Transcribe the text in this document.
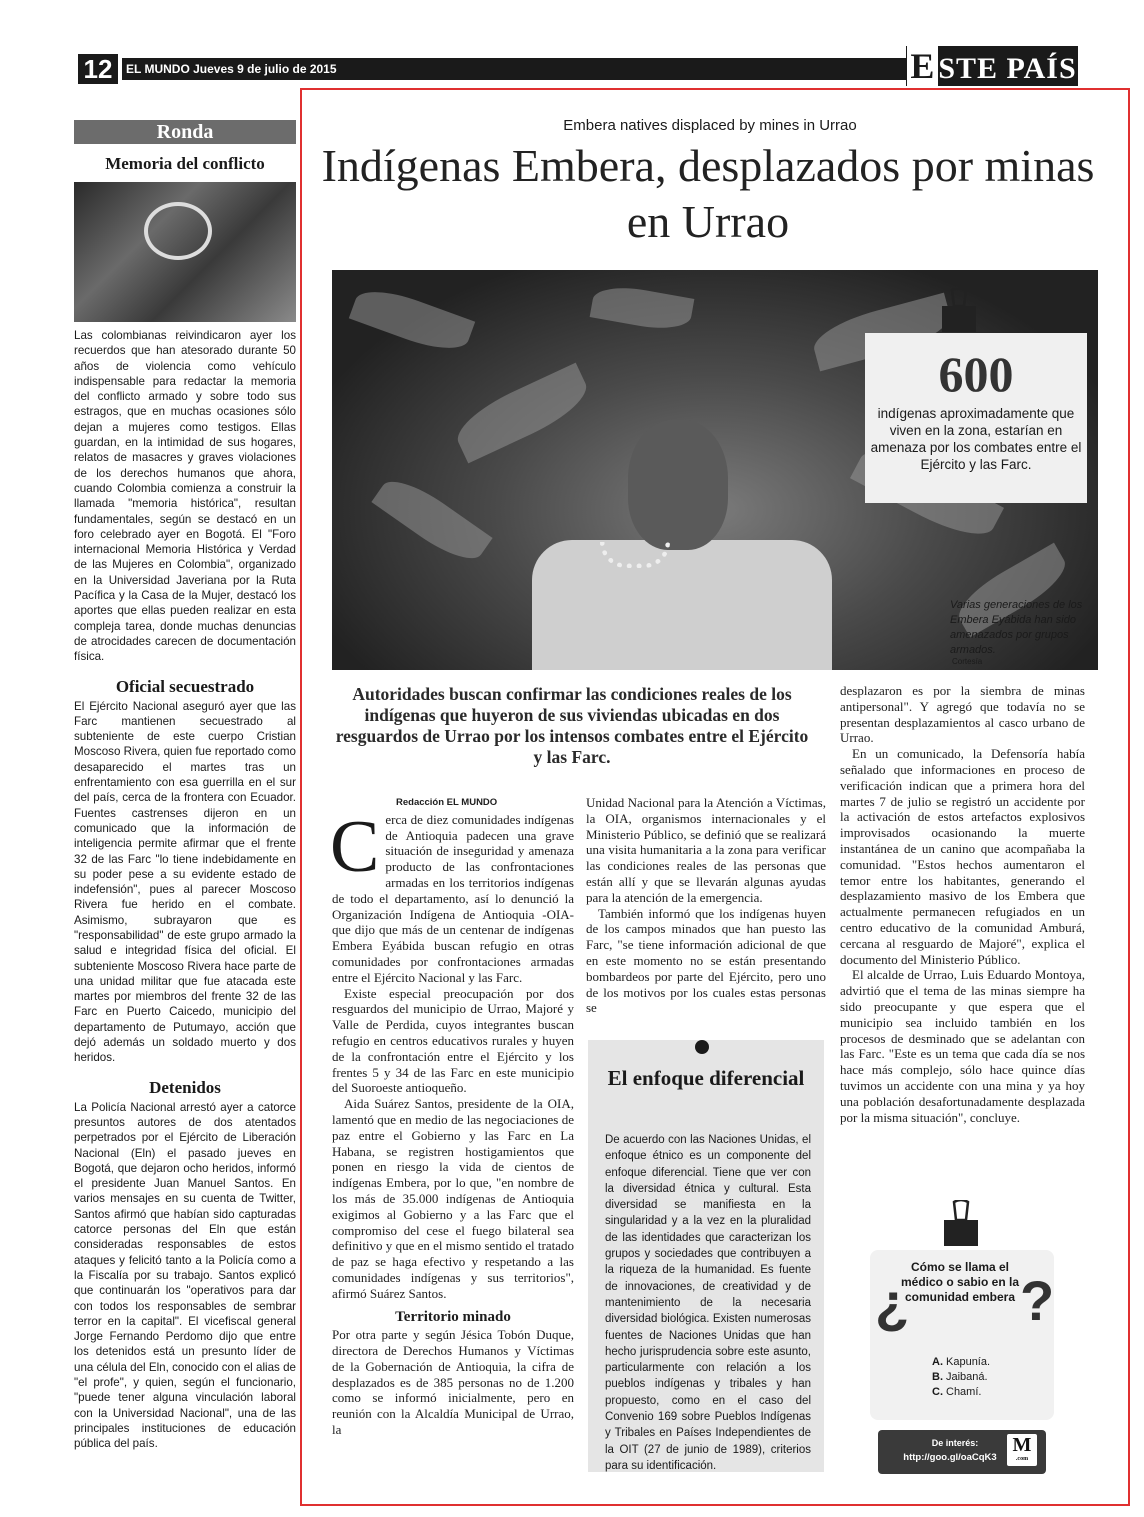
12	EL MUNDO Jueves 9 de julio de 2015	E STE PAÍS
Ronda
Memoria del conflicto

Las colombianas reivindicaron ayer los recuerdos que han atesorado durante 50 años de violencia como vehículo indispensable para redactar la memoria del conflicto armado y sobre todo sus estragos, que en muchas ocasiones sólo dejan a mujeres como testigos. Ellas guardan, en la intimidad de sus hogares, relatos de masacres y graves violaciones de los derechos humanos que ahora, cuando Colombia comienza a construir la llamada "memoria histórica", resultan fundamentales, según se destacó en un foro celebrado ayer en Bogotá. El "Foro internacional Memoria Histórica y Verdad de las Mujeres en Colombia", organizado en la Universidad Javeriana por la Ruta Pacífica y la Casa de la Mujer, destacó los aportes que ellas pueden realizar en esta compleja tarea, donde muchas denuncias de atrocidades carecen de documentación física.

Oficial secuestrado

El Ejército Nacional aseguró ayer que las Farc mantienen secuestrado al subteniente de este cuerpo Cristian Moscoso Rivera, quien fue reportado como desaparecido el martes tras un enfrentamiento con esa guerrilla en el sur del país, cerca de la frontera con Ecuador. Fuentes castrenses dijeron en un comunicado que la información de inteligencia permite afirmar que el frente 32 de las Farc "lo tiene indebidamente en su poder pese a su evidente estado de indefensión", pues al parecer Moscoso Rivera fue herido en el combate. Asimismo, subrayaron que es "responsabilidad" de este grupo armado la salud e integridad física del oficial. El subteniente Moscoso Rivera hace parte de una unidad militar que fue atacada este martes por miembros del frente 32 de las Farc en Puerto Caicedo, municipio del departamento de Putumayo, acción que dejó además un soldado muerto y dos heridos.

Detenidos

La Policía Nacional arrestó ayer a catorce presuntos autores de dos atentados perpetrados por el Ejército de Liberación Nacional (Eln) el pasado jueves en Bogotá, que dejaron ocho heridos, informó el presidente Juan Manuel Santos. En varios mensajes en su cuenta de Twitter, Santos afirmó que habían sido capturadas catorce personas del Eln que están consideradas responsables de estos ataques y felicitó tanto a la Policía como a la Fiscalía por su trabajo. Santos explicó que continuarán los "operativos para dar con todos los responsables de sembrar terror en la capital". El vicefiscal general Jorge Fernando Perdomo dijo que entre los detenidos está un presunto líder de una célula del Eln, conocido con el alias de "el profe", y quien, según el funcionario, "puede tener alguna vinculación laboral con la Universidad Nacional", una de las principales instituciones de educación pública del país.

Embera natives displaced by mines in Urrao
Indígenas Embera, desplazados por minas en Urrao
600
indígenas aproximadamente que viven en la zona, estarían en amenaza por los combates entre el Ejército y las Farc.
Varias generaciones de los Embera Eyábida han sido amenazados por grupos armados.
Cortesía
Autoridades buscan confirmar las condiciones reales de los indígenas que huyeron de sus viviendas ubicadas en dos resguardos de Urrao por los intensos combates entre el Ejército y las Farc.

Redacción EL MUNDO

C erca de diez comunidades indígenas de Antioquia padecen una grave situación de inseguridad y amenaza producto de las confrontaciones armadas en los territorios indígenas de todo el departamento, así lo denunció la Organización Indígena de Antioquia -OIA- que dijo que más de un centenar de indígenas Embera Eyábida buscan refugio en otras comunidades por confrontaciones armadas entre el Ejército Nacional y las Farc.

Existe especial preocupación por dos resguardos del municipio de Urrao, Majoré y Valle de Perdida, cuyos integrantes buscan refugio en centros educativos rurales y huyen de la confrontación entre el Ejército y los frentes 5 y 34 de las Farc en este municipio del Suoroeste antioqueño.

Aida Suárez Santos, presidente de la OIA, lamentó que en medio de las negociaciones de paz entre el Gobierno y las Farc en La Habana, se registren hostigamientos que ponen en riesgo la vida de cientos de indígenas Embera, por lo que, "en nombre de los más de 35.000 indígenas de Antioquia exigimos al Gobierno y a las Farc que el compromiso del cese el fuego bilateral sea definitivo y que en el mismo sentido el tratado de paz se haga efectivo y respetando a las comunidades indígenas y sus territorios", afirmó Suárez Santos.

Territorio minado

Por otra parte y según Jésica Tobón Duque, directora de Derechos Humanos y Víctimas de la Gobernación de Antioquia, la cifra de desplazados es de 385 personas no de 1.200 como se informó inicialmente, pero en reunión con la Alcaldía Municipal de Urrao, la

Unidad Nacional para la Atención a Víctimas, la OIA, organismos internacionales y el Ministerio Público, se definió que se realizará una visita humanitaria a la zona para verificar las condiciones reales de las personas que están allí y que se llevarán algunas ayudas para la atención de la emergencia.

También informó que los indígenas huyen de los campos minados que han puesto las Farc, "se tiene información adicional de que en este momento no se están presentando bombardeos por parte del Ejército, pero uno de los motivos por los cuales estas personas se

El enfoque diferencial
De acuerdo con las Naciones Unidas, el enfoque étnico es un componente del enfoque diferencial. Tiene que ver con la diversidad étnica y cultural. Esta diversidad se manifiesta en la singularidad y a la vez en la pluralidad de las identidades que caracterizan los grupos y sociedades que contribuyen a la riqueza de la humanidad. Es fuente de innovaciones, de creatividad y de mantenimiento de la necesaria diversidad biológica. Existen numerosas fuentes de Naciones Unidas que han hecho jurisprudencia sobre este asunto, particularmente con relación a los pueblos indígenas y tribales y han propuesto, como en el caso del Convenio 169 sobre Pueblos Indígenas y Tribales en Países Independientes de la OIT (27 de junio de 1989), criterios para su identificación.

desplazaron es por la siembra de minas antipersonal". Y agregó que todavía no se presentan desplazamientos al casco urbano de Urrao.

En un comunicado, la Defensoría había señalado que informaciones en proceso de verificación indican que a primera hora del martes 7 de julio se registró un accidente por la activación de estos artefactos explosivos improvisados ocasionando la muerte instantánea de un canino que acompañaba la comunidad. "Estos hechos aumentaron el temor entre los habitantes, generando el desplazamiento masivo de los Embera que actualmente permanecen refugiados en un centro educativo de la comunidad Amburá, cercana al resguardo de Majoré", explica el documento del Ministerio Público.

El alcalde de Urrao, Luis Eduardo Montoya, advirtió que el tema de las minas siempre ha sido preocupante y que espera que el municipio sea incluido también en los procesos de desminado que se adelantan con las Farc. "Este es un tema que cada día se nos hace más complejo, sólo hace quince días tuvimos un accidente con una mina y ya hoy una población desafortunadamente desplazada por la misma situación", concluye.

¿ ?
Cómo se llama el médico o sabio en la comunidad embera
A. Kapunía.
B. Jaibaná.
C. Chamí.
De interés:
http://goo.gl/oaCqK3
M
.com
